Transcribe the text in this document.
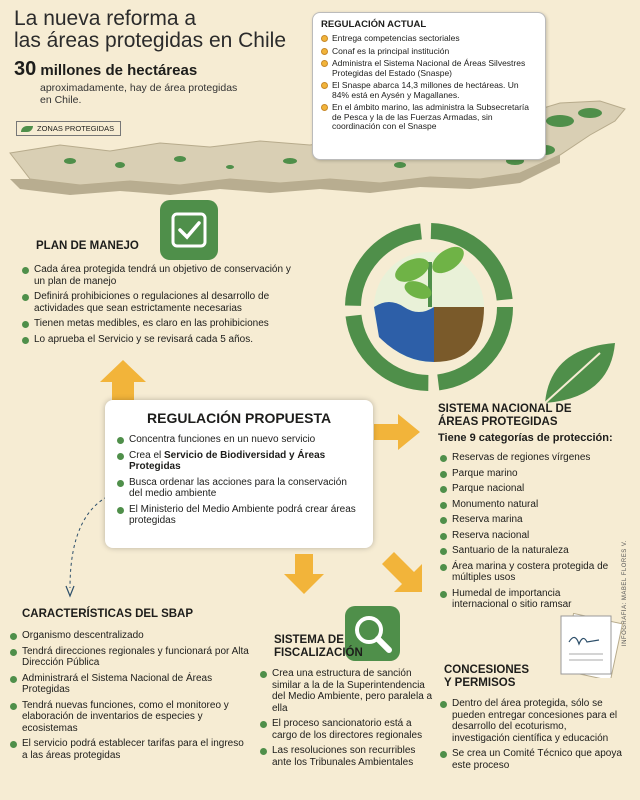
La nueva reforma a
las áreas protegidas en Chile
30 millones de hectáreas
aproximadamente, hay de área protegidas en Chile.
ZONAS PROTEGIDAS
REGULACIÓN ACTUAL
Entrega competencias sectoriales
Conaf es la principal institución
Administra el Sistema Nacional de Áreas Silvestres Protegidas del Estado (Snaspe)
El Snaspe abarca 14,3 millones de hectáreas. Un 84% está en Aysén y Magallanes.
En el ámbito marino, las administra la Subsecretaría de Pesca y la de las Fuerzas Armadas, sin coordinación con el Snaspe
PLAN DE MANEJO
Cada área protegida tendrá un objetivo de conservación y un plan de manejo
Definirá prohibiciones o regulaciones al desarrollo de actividades que sean estrictamente necesarias
Tienen metas medibles, es claro en las prohibiciones
Lo aprueba el Servicio y se revisará cada 5 años.
REGULACIÓN PROPUESTA
Concentra funciones en un nuevo servicio
Crea el Servicio de Biodiversidad y Áreas Protegidas
Busca ordenar las acciones para la conservación del medio ambiente
El Ministerio del Medio Ambiente podrá crear áreas protegidas
SISTEMA NACIONAL DE ÁREAS PROTEGIDAS
Tiene 9 categorías de protección:
Reservas de regiones vírgenes
Parque marino
Parque nacional
Monumento natural
Reserva marina
Reserva nacional
Santuario de la naturaleza
Área marina y costera protegida de múltiples usos
Humedal de importancia internacional o sitio ramsar	INFOGRAFÍA: MABEL FLORES V.
CARACTERÍSTICAS DEL SBAP
Organismo descentralizado
Tendrá direcciones regionales y funcionará por Alta Dirección Pública
Administrará el Sistema Nacional de Áreas Protegidas
Tendrá nuevas funciones, como el monitoreo y elaboración de inventarios de especies y ecosistemas
El servicio podrá establecer tarifas para el ingreso a las áreas protegidas
SISTEMA DE
FISCALIZACIÓN
Crea una estructura de sanción similar a la de la Superintendencia del Medio Ambiente, pero paralela a ella
El proceso sancionatorio está a cargo de los directores regionales
Las resoluciones son recurribles ante los Tribunales Ambientales
CONCESIONES
Y PERMISOS
Dentro del área protegida, sólo se pueden entregar concesiones para el desarrollo del ecoturismo, investigación científica y educación
Se crea un Comité Técnico que apoya este proceso
